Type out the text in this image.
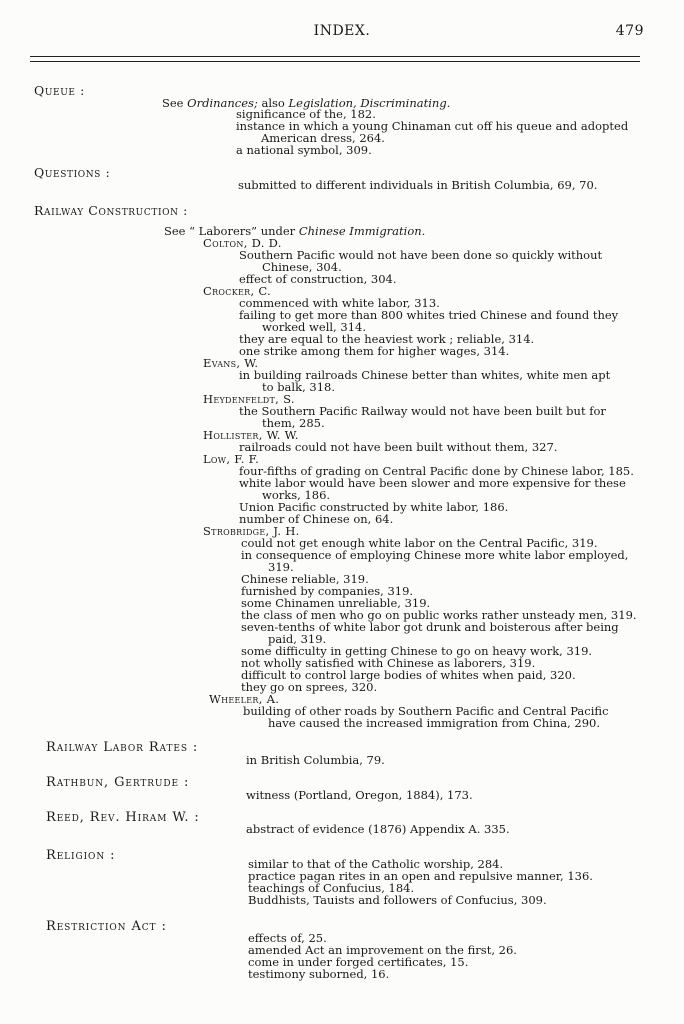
INDEX.	479
Queue :
See Ordinances; also Legislation, Discriminating.
significance of the, 182.
instance in which a young Chinaman cut off his queue and adopted
American dress, 264.
a national symbol, 309.
Questions :
submitted to different individuals in British Columbia, 69, 70.
Railway Construction :
See “ Laborers” under Chinese Immigration.
Colton, D. D.
Southern Pacific would not have been done so quickly without
Chinese, 304.
effect of construction, 304.
Crocker, C.
commenced with white labor, 313.
failing to get more than 800 whites tried Chinese and found they
worked well, 314.
they are equal to the heaviest work ; reliable, 314.
one strike among them for higher wages, 314.
Evans, W.
in building railroads Chinese better than whites, white men apt
to balk, 318.
Heydenfeldt, S.
the Southern Pacific Railway would not have been built but for
them, 285.
Hollister, W. W.
railroads could not have been built without them, 327.
Low, F. F.
four-fifths of grading on Central Pacific done by Chinese labor, 185.
white labor would have been slower and more expensive for these
works, 186.
Union Pacific constructed by white labor, 186.
number of Chinese on, 64.
Strobridge, J. H.
could not get enough white labor on the Central Pacific, 319.
in consequence of employing Chinese more white labor employed,
319.
Chinese reliable, 319.
furnished by companies, 319.
some Chinamen unreliable, 319.
the class of men who go on public works rather unsteady men, 319.
seven-tenths of white labor got drunk and boisterous after being
paid, 319.
some difficulty in getting Chinese to go on heavy work, 319.
not wholly satisfied with Chinese as laborers, 319.
difficult to control large bodies of whites when paid, 320.
they go on sprees, 320.
Wheeler, A.
building of other roads by Southern Pacific and Central Pacific
have caused the increased immigration from China, 290.
Railway Labor Rates :
in British Columbia, 79.
Rathbun, Gertrude :
witness (Portland, Oregon, 1884), 173.
Reed, Rev. Hiram W. :
abstract of evidence (1876) Appendix A. 335.
Religion :
similar to that of the Catholic worship, 284.
practice pagan rites in an open and repulsive manner, 136.
teachings of Confucius, 184.
Buddhists, Tauists and followers of Confucius, 309.
Restriction Act :
effects of, 25.
amended Act an improvement on the first, 26.
come in under forged certificates, 15.
testimony suborned, 16.
